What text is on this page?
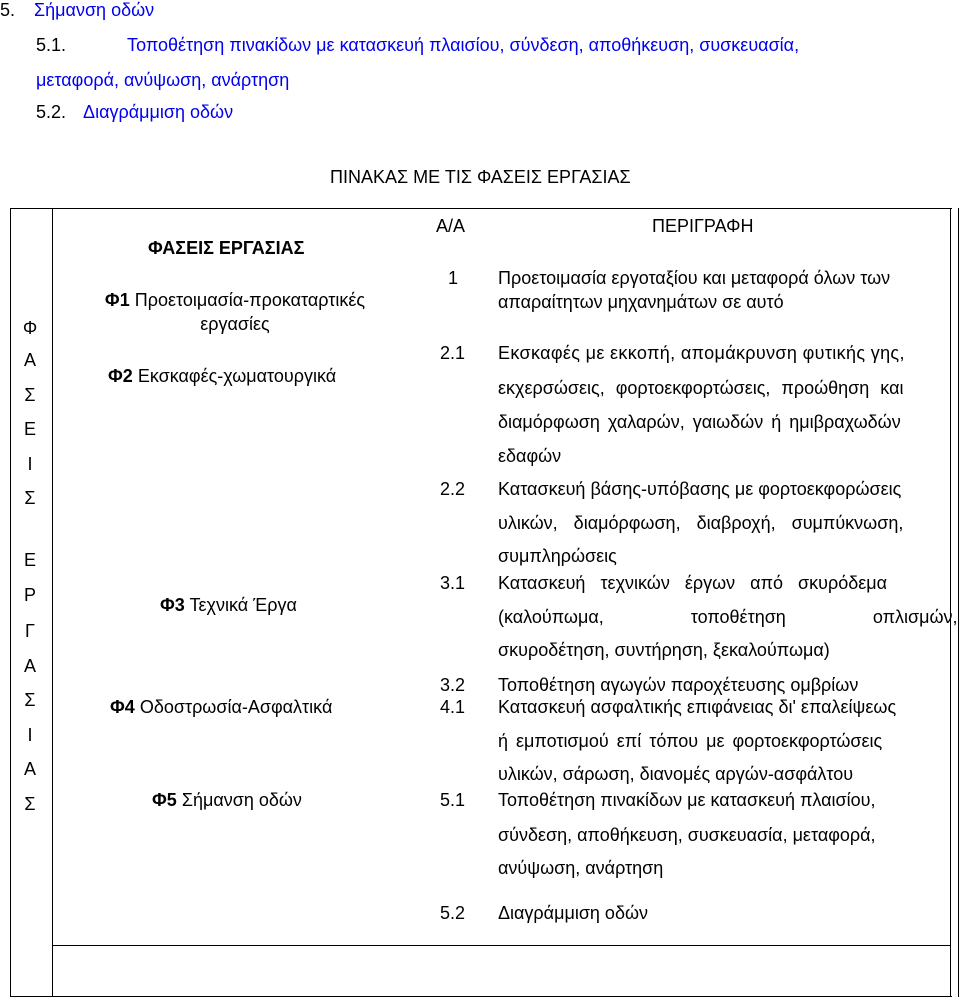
5. Σήμανση οδών
5.1.	Τοποθέτηση πινακίδων με κατασκευή πλαισίου, σύνδεση, αποθήκευση, συσκευασία,
μεταφορά, ανύψωση, ανάρτηση
5.2. Διαγράμμιση οδών
ΠΙΝΑΚΑΣ ΜΕ ΤΙΣ ΦΑΣΕΙΣ ΕΡΓΑΣΙΑΣ
Φ
Α
Σ
Ε
Ι
Σ
Ε
Ρ
Γ
Α
Σ
Ι
Α
Σ
ΦΑΣΕΙΣ ΕΡΓΑΣΙΑΣ
Α/Α	ΠΕΡΙΓΡΑΦΗ
Φ1 Προετοιμασία-προκαταρτικές
εργασίες
Φ2 Εκσκαφές-χωματουργικά
Φ3 Τεχνικά Έργα
Φ4 Οδοστρωσία-Ασφαλτικά
Φ5 Σήμανση οδών
1
2.1
2.2
3.1
3.2
4.1
5.1
5.2
Προετοιμασία εργοταξίου και μεταφορά όλων των
απαραίτητων μηχανημάτων σε αυτό
Εκσκαφές με εκκοπή, απομάκρυνση φυτικής γης,
εκχερσώσεις, φορτοεκφορτώσεις, προώθηση και
διαμόρφωση χαλαρών, γαιωδών ή ημιβραχωδών
εδαφών
Κατασκευή βάσης-υπόβασης με φορτοεκφορώσεις
υλικών, διαμόρφωση, διαβροχή, συμπύκνωση,
συμπληρώσεις
Κατασκευή τεχνικών έργων από σκυρόδεμα
(καλούπωμα, τοποθέτηση οπλισμών,
σκυροδέτηση, συντήρηση, ξεκαλούπωμα)
Τοποθέτηση αγωγών παροχέτευσης ομβρίων
Κατασκευή ασφαλτικής επιφάνειας δι' επαλείψεως
ή εμποτισμού επί τόπου με φορτοεκφορτώσεις
υλικών, σάρωση, διανομές αργών-ασφάλτου
Τοποθέτηση πινακίδων με κατασκευή πλαισίου,
σύνδεση, αποθήκευση, συσκευασία, μεταφορά,
ανύψωση, ανάρτηση
Διαγράμμιση οδών
